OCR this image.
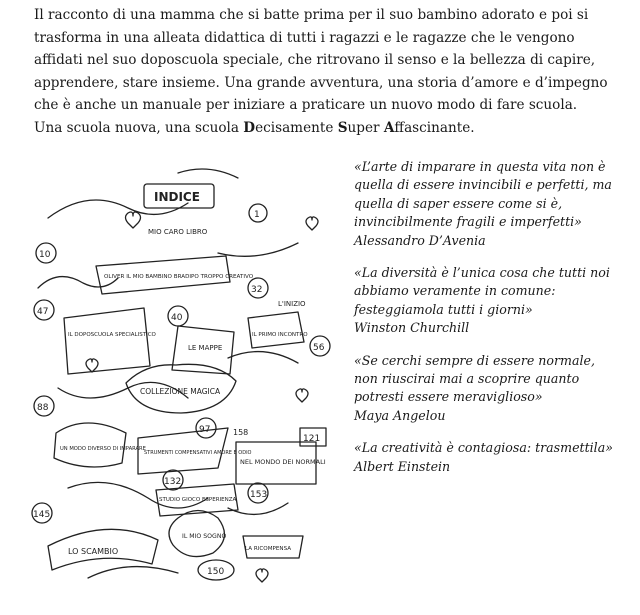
Il racconto di una mamma che si batte prima per il suo bambino adorato e poi si trasforma in una alleata didattica di tutti i ragazzi e le ragazze che le vengono affidati nel suo doposcuola speciale, che ritrovano il senso e la bellezza di capire, apprendere, stare insieme. Una grande avventura, una storia d’amore e d’impegno che è anche un manuale per iniziare a praticare un nuovo modo di fare scuola.

Una scuola nuova, una scuola Decisamente Super Affascinante.

INDICE
1
MIO CARO LIBRO
10
OLIVER IL MIO BAMBINO BRADIPO TROPPO CREATIVO
32
L'INIZIO
47
IL DOPOSCUOLA SPECIALISTICO
40
LE MAPPE	56
IL PRIMO INCONTRO
88
COLLEZIONE MAGICA
UN MODO DIVERSO DI IMPARARE
97
STRUMENTI COMPENSATIVI AMORE E ODIO
121
NEL MONDO DEI NORMALI
132
STUDIO GIOCO ESPERIENZA
145
LO SCAMBIO
150
IL MIO SOGNO
153
LA RICOMPENSA
158

«L’arte di imparare in questa vita non è quella di essere invincibili e perfetti, ma quella di saper essere come si è, invincibilmente fragili e imperfetti»
Alessandro D’Avenia

«La diversità è l’unica cosa che tutti noi abbiamo veramente in comune: festeggiamola tutti i giorni»
Winston Churchill

«Se cerchi sempre di essere normale, non riuscirai mai a scoprire quanto potresti essere meraviglioso»
Maya Angelou

«La creatività è contagiosa: trasmettila»
Albert Einstein
